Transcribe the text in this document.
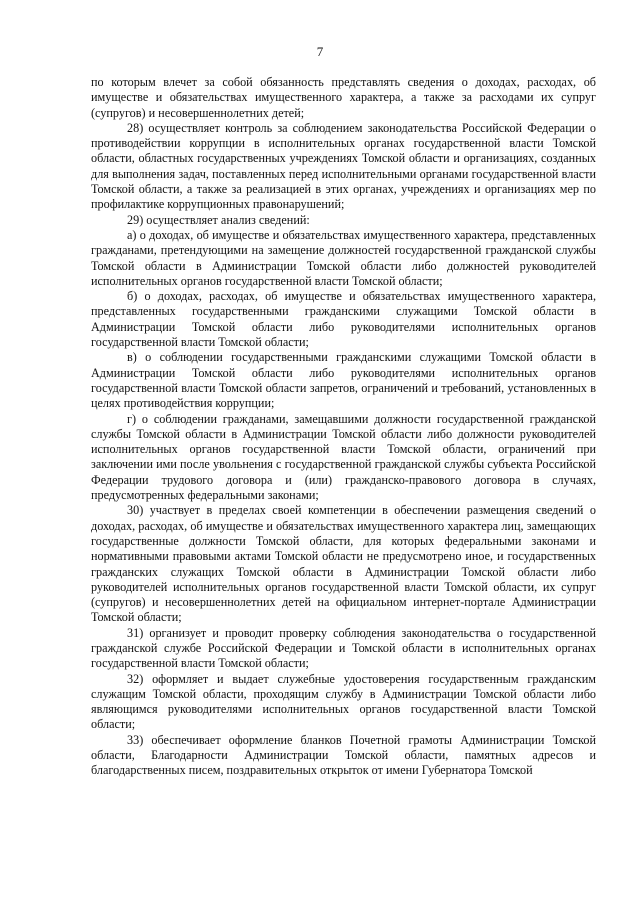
7

по которым влечет за собой обязанность представлять сведения о доходах, расходах, об имуществе и обязательствах имущественного характера, а также за расходами их супруг (супругов) и несовершеннолетних детей;

28) осуществляет контроль за соблюдением законодательства Российской Федерации о противодействии коррупции в исполнительных органах государственной власти Томской области, областных государственных учреждениях Томской области и организациях, созданных для выполнения задач, поставленных перед исполнительными органами государственной власти Томской области, а также за реализацией в этих органах, учреждениях и организациях мер по профилактике коррупционных правонарушений;

29) осуществляет анализ сведений:

а) о доходах, об имуществе и обязательствах имущественного характера, представленных гражданами, претендующими на замещение должностей государственной гражданской службы Томской области в Администрации Томской области либо должностей руководителей исполнительных органов государственной власти Томской области;

б) о доходах, расходах, об имуществе и обязательствах имущественного характера, представленных государственными гражданскими служащими Томской области в Администрации Томской области либо руководителями исполнительных органов государственной власти Томской области;

в) о соблюдении государственными гражданскими служащими Томской области в Администрации Томской области либо руководителями исполнительных органов государственной власти Томской области запретов, ограничений и требований, установленных в целях противодействия коррупции;

г) о соблюдении гражданами, замещавшими должности государственной гражданской службы Томской области в Администрации Томской области либо должности руководителей исполнительных органов государственной власти Томской области, ограничений при заключении ими после увольнения с государственной гражданской службы субъекта Российской Федерации трудового договора и (или) гражданско-правового договора в случаях, предусмотренных федеральными законами;

30) участвует в пределах своей компетенции в обеспечении размещения сведений о доходах, расходах, об имуществе и обязательствах имущественного характера лиц, замещающих государственные должности Томской области, для которых федеральными законами и нормативными правовыми актами Томской области не предусмотрено иное, и государственных гражданских служащих Томской области в Администрации Томской области либо руководителей исполнительных органов государственной власти Томской области, их супруг (супругов) и несовершеннолетних детей на официальном интернет-портале Администрации Томской области;

31) организует и проводит проверку соблюдения законодательства о государственной гражданской службе Российской Федерации и Томской области в исполнительных органах государственной власти Томской области;

32) оформляет и выдает служебные удостоверения государственным гражданским служащим Томской области, проходящим службу в Администрации Томской области либо являющимся руководителями исполнительных органов государственной власти Томской области;

33) обеспечивает оформление бланков Почетной грамоты Администрации Томской области, Благодарности Администрации Томской области, памятных адресов и благодарственных писем, поздравительных открыток от имени Губернатора Томской
